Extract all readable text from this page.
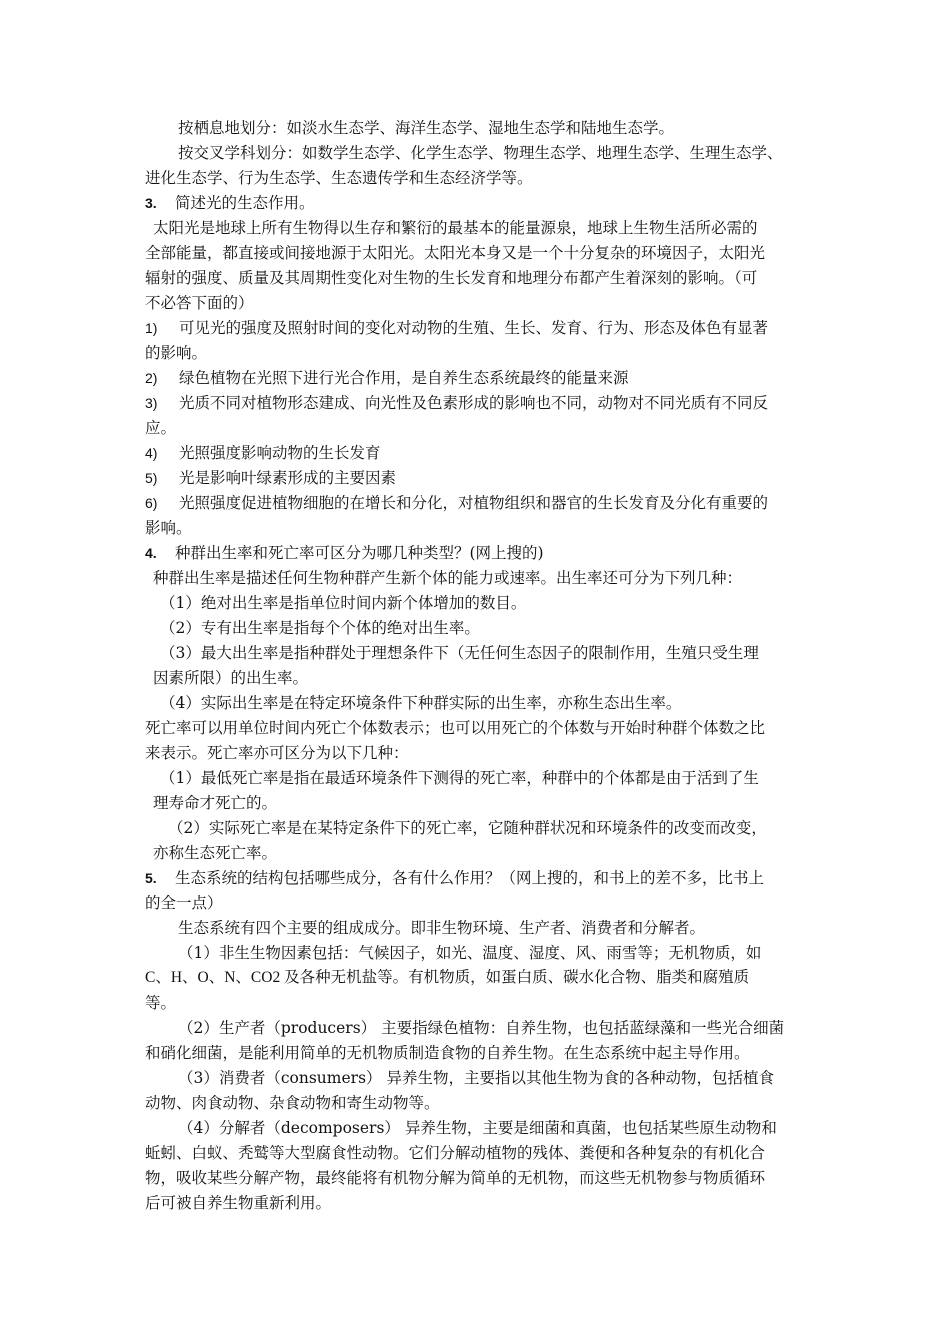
按栖息地划分：如淡水生态学、海洋生态学、湿地生态学和陆地生态学。
按交叉学科划分：如数学生态学、化学生态学、物理生态学、地理生态学、生理生态学、
进化生态学、行为生态学、生态遗传学和生态经济学等。
3. 简述光的生态作用。
太阳光是地球上所有生物得以生存和繁衍的最基本的能量源泉，地球上生物生活所必需的
全部能量，都直接或间接地源于太阳光。太阳光本身又是一个十分复杂的环境因子，太阳光
辐射的强度、质量及其周期性变化对生物的生长发育和地理分布都产生着深刻的影响。（可
不必答下面的）
1) 可见光的强度及照射时间的变化对动物的生殖、生长、发育、行为、形态及体色有显著
的影响。
2) 绿色植物在光照下进行光合作用，是自养生态系统最终的能量来源
3) 光质不同对植物形态建成、向光性及色素形成的影响也不同，动物对不同光质有不同反
应。
4) 光照强度影响动物的生长发育
5) 光是影响叶绿素形成的主要因素
6) 光照强度促进植物细胞的在增长和分化，对植物组织和器官的生长发育及分化有重要的
影响。
4. 种群出生率和死亡率可区分为哪几种类型？(网上搜的)
种群出生率是描述任何生物种群产生新个体的能力或速率。出生率还可分为下列几种：
（1）绝对出生率是指单位时间内新个体增加的数目。
（2）专有出生率是指每个个体的绝对出生率。
（3）最大出生率是指种群处于理想条件下（无任何生态因子的限制作用，生殖只受生理
因素所限）的出生率。
（4）实际出生率是在特定环境条件下种群实际的出生率，亦称生态出生率。
死亡率可以用单位时间内死亡个体数表示；也可以用死亡的个体数与开始时种群个体数之比
来表示。死亡率亦可区分为以下几种：
（1）最低死亡率是指在最适环境条件下测得的死亡率，种群中的个体都是由于活到了生
理寿命才死亡的。
（2）实际死亡率是在某特定条件下的死亡率，它随种群状况和环境条件的改变而改变，
亦称生态死亡率。
5. 生态系统的结构包括哪些成分，各有什么作用？（网上搜的，和书上的差不多，比书上
的全一点）
生态系统有四个主要的组成成分。即非生物环境、生产者、消费者和分解者。
（1）非生生物因素包括：气候因子，如光、温度、湿度、风、雨雪等；无机物质，如
C、H、O、N、CO2 及各种无机盐等。有机物质，如蛋白质、碳水化合物、脂类和腐殖质
等。
（2）生产者（producers） 主要指绿色植物：自养生物，也包括蓝绿藻和一些光合细菌
和硝化细菌，是能利用简单的无机物质制造食物的自养生物。在生态系统中起主导作用。
（3）消费者（consumers） 异养生物，主要指以其他生物为食的各种动物，包括植食
动物、肉食动物、杂食动物和寄生动物等。
（4）分解者（decomposers） 异养生物，主要是细菌和真菌，也包括某些原生动物和
蚯蚓、白蚁、秃鹫等大型腐食性动物。它们分解动植物的残体、粪便和各种复杂的有机化合
物，吸收某些分解产物，最终能将有机物分解为简单的无机物，而这些无机物参与物质循环
后可被自养生物重新利用。
